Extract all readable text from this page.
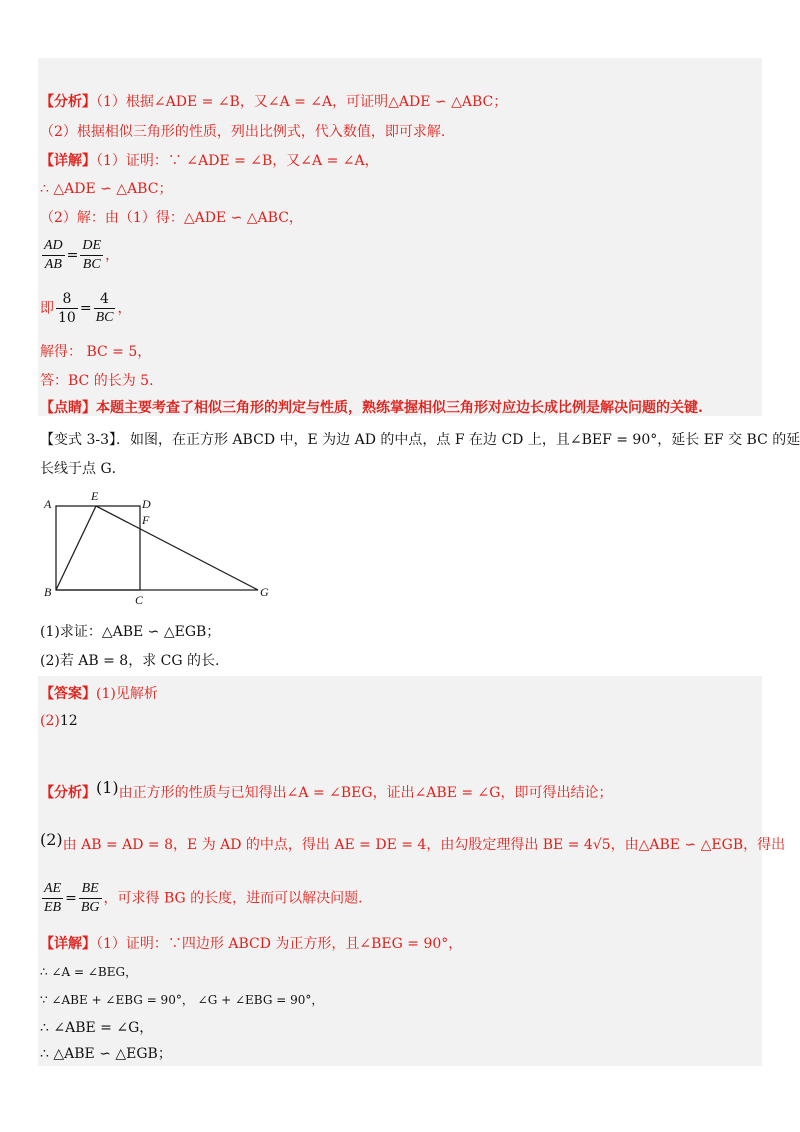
【分析】（1）根据∠ADE = ∠B，又∠A = ∠A，可证明△ADE ∽ △ABC；
（2）根据相似三角形的性质，列出比例式，代入数值，即可求解.
【详解】（1）证明：∵ ∠ADE = ∠B，又∠A = ∠A，
∴ △ADE ∽ △ABC；
（2）解：由（1）得：△ADE ∽ △ABC，
$\frac{AD}{AB} = \frac{DE}{BC}$ ，
即 $\frac{8}{10} = \frac{4}{BC}$ ，
解得： BC = 5，
答：BC 的长为 5.
【点睛】本题主要考查了相似三角形的判定与性质，熟练掌握相似三角形对应边长成比例是解决问题的关键.
【变式 3-3】．如图，在正方形 ABCD 中，E 为边 AD 的中点，点 F 在边 CD 上，且∠BEF = 90°，延长 EF 交 BC 的延
长线于点 G．
A
E
D
F
B
C
G
(1)求证：△ABE ∽ △EGB；
(2)若 AB = 8，求 CG 的长.
【答案】(1)见解析
(2)12
【分析】(1)由正方形的性质与已知得出∠A = ∠BEG，证出∠ABE = ∠G，即可得出结论；
(2)由 AB = AD = 8，E 为 AD 的中点，得出 AE = DE = 4，由勾股定理得出 BE = 4√5，由△ABE ∽ △EGB，得出
$\frac{AE}{EB} = \frac{BE}{BG}$ ，可求得 BG 的长度，进而可以解决问题.
【详解】（1）证明：∵四边形 ABCD 为正方形，且∠BEG = 90°，
∴ ∠A = ∠BEG，
∵ ∠ABE + ∠EBG = 90°， ∠G + ∠EBG = 90°，
∴ ∠ABE = ∠G，
∴ △ABE ∽ △EGB；
